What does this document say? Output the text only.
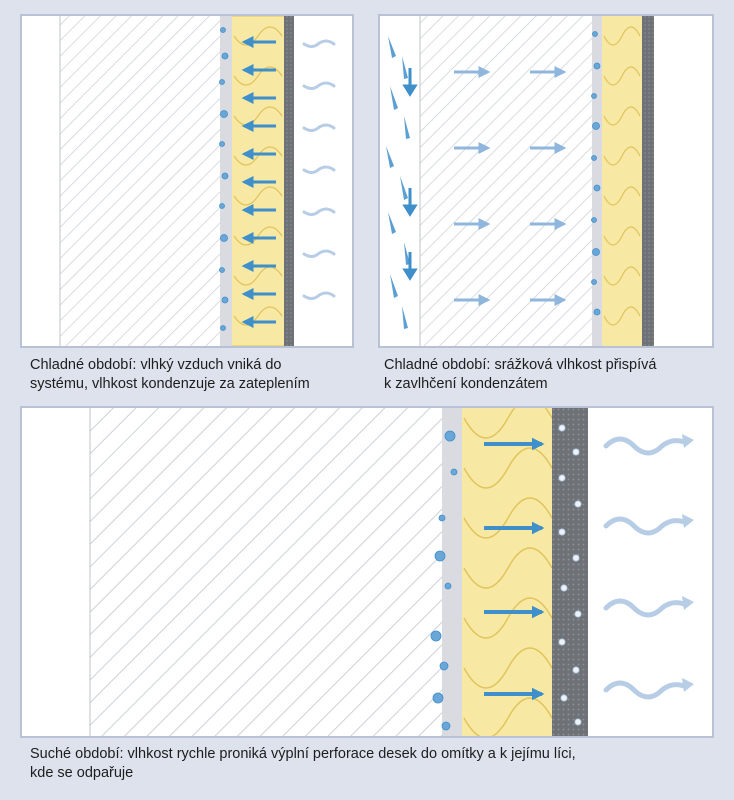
Chladné období: vlhký vzduch vniká do
systému, vlhkost kondenzuje za zateplením
Chladné období: srážková vlhkost přispívá
k zavlhčení kondenzátem
Suché období: vlhkost rychle proniká výplní perforace desek do omítky a k jejímu líci,
kde se odpařuje
